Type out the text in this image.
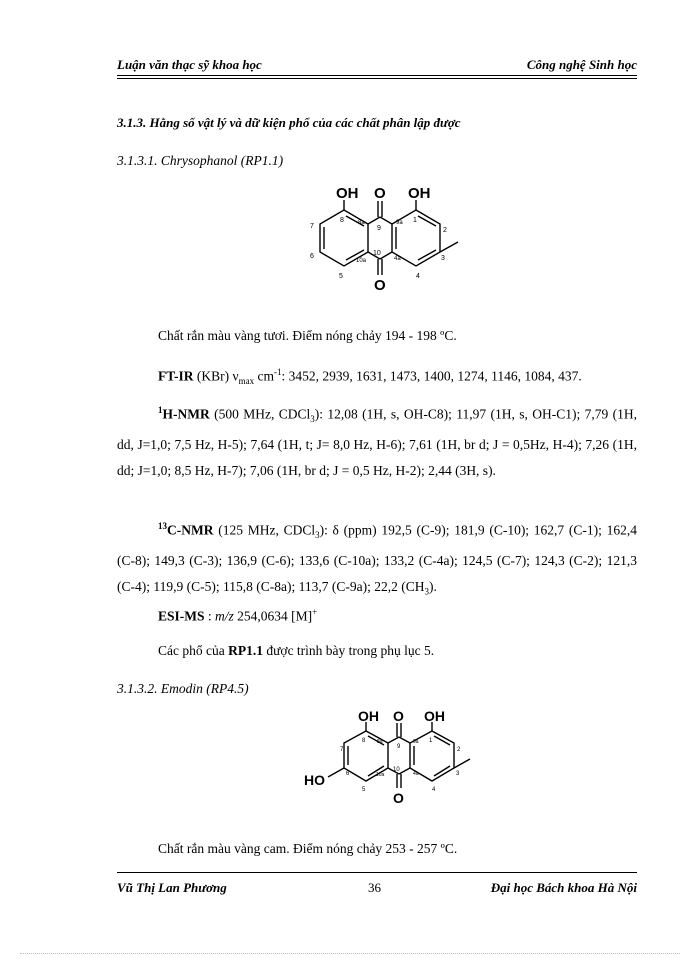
Luận văn thạc sỹ khoa học	Công nghệ Sinh học
3.1.3. Hằng số vật lý và dữ kiện phổ của các chất phân lập được
3.1.3.1. Chrysophanol (RP1.1)
OH O OH
O
8 8a
9
9a 1
2
3
4
4a
10
10a
5
6
7
Chất rắn màu vàng tươi. Điểm nóng chảy 194 - 198 ºC.
FT-IR (KBr) $\nu_{max}$ $cm^{-1}$: 3452, 2939, 1631, 1473, 1400, 1274, 1146, 1084, 437.
$^1$H-NMR (500 MHz, CDCl$_3$): 12,08 (1H, s, OH-C8); 11,97 (1H, s, OH-C1); 7,79 (1H, dd, J=1,0; 7,5 Hz, H-5); 7,64 (1H, t; J= 8,0 Hz, H-6); 7,61 (1H, br d; J = 0,5Hz, H-4); 7,26 (1H, dd; J=1,0; 8,5 Hz, H-7); 7,06 (1H, br d; J = 0,5 Hz, H-2); 2,44 (3H, s).
$^{13}$C-NMR (125 MHz, CDCl$_3$): δ (ppm) 192,5 (C-9); 181,9 (C-10); 162,7 (C-1); 162,4 (C-8); 149,3 (C-3); 136,9 (C-6); 133,6 (C-10a); 133,2 (C-4a); 124,5 (C-7); 124,3 (C-2); 121,3 (C-4); 119,9 (C-5); 115,8 (C-8a); 113,7 (C-9a); 22,2 $(CH_3)$.
ESI-MS : m/z 254,0634 [M]+
Các phổ của RP1.1 được trình bày trong phụ lục 5.
3.1.3.2. Emodin (RP4.5)
OH O OH
O
HO
8 8a
9
9a 1
2
3
4
4a
10
10a
5
7
6
Chất rắn màu vàng cam. Điểm nóng chảy 253 - 257 ºC.
Vũ Thị Lan Phương	36	Đại học Bách khoa Hà Nội
